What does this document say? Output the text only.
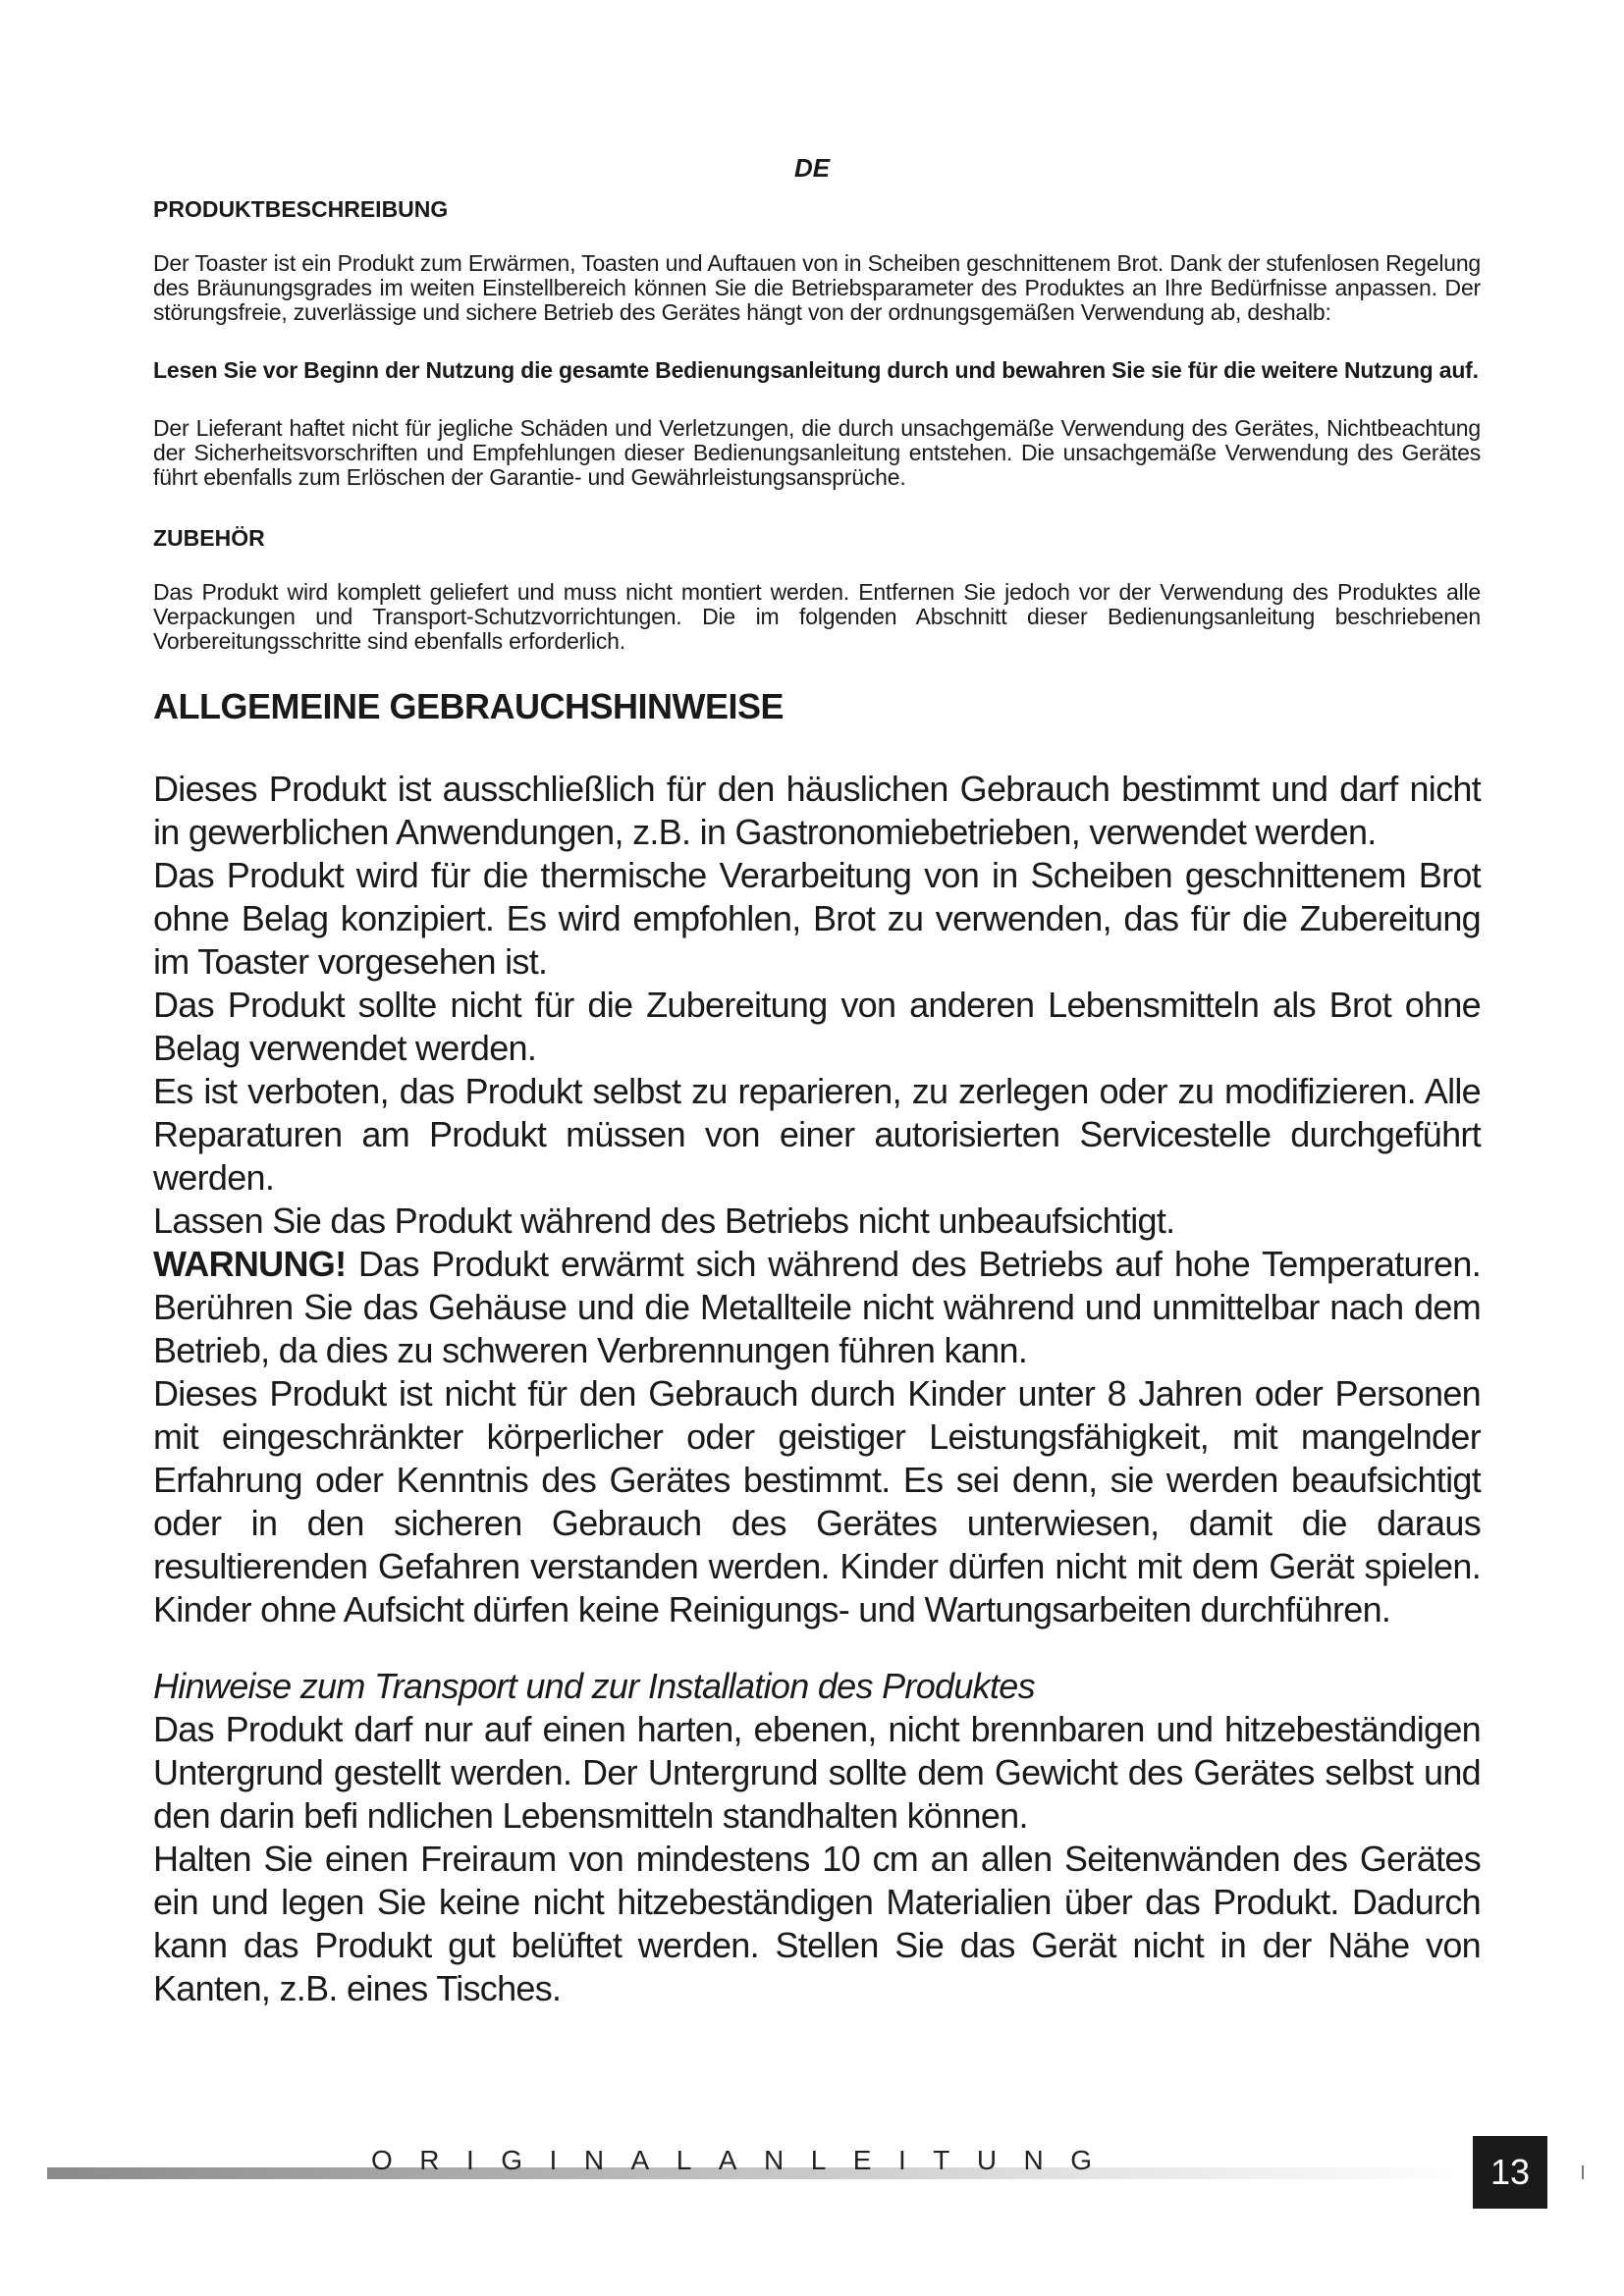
DE
PRODUKTBESCHREIBUNG

Der Toaster ist ein Produkt zum Erwärmen, Toasten und Auftauen von in Scheiben geschnittenem Brot. Dank der stufenlosen Regelung des Bräunungsgrades im weiten Einstellbereich können Sie die Betriebsparameter des Produktes an Ihre Bedürfnisse anpassen. Der störungsfreie, zuverlässige und sichere Betrieb des Gerätes hängt von der ordnungsgemäßen Verwendung ab, deshalb:

Lesen Sie vor Beginn der Nutzung die gesamte Bedienungsanleitung durch und bewahren Sie sie für die weitere Nutzung auf.

Der Lieferant haftet nicht für jegliche Schäden und Verletzungen, die durch unsachgemäße Verwendung des Gerätes, Nichtbeachtung der Sicherheitsvorschriften und Empfehlungen dieser Bedienungsanleitung entstehen. Die unsachgemäße Verwendung des Gerätes führt ebenfalls zum Erlöschen der Garantie- und Gewährleistungsansprüche.

ZUBEHÖR

Das Produkt wird komplett geliefert und muss nicht montiert werden. Entfernen Sie jedoch vor der Verwendung des Produktes alle Verpackungen und Transport-Schutzvorrichtungen. Die im folgenden Abschnitt dieser Bedienungsanleitung beschriebenen Vorbereitungsschritte sind ebenfalls erforderlich.

ALLGEMEINE GEBRAUCHSHINWEISE

Dieses Produkt ist ausschließlich für den häuslichen Gebrauch bestimmt und darf nicht in gewerblichen Anwendungen, z.B. in Gastronomiebetrieben, verwendet werden.

Das Produkt wird für die thermische Verarbeitung von in Scheiben geschnittenem Brot ohne Belag konzipiert. Es wird empfohlen, Brot zu verwenden, das für die Zubereitung im Toaster vorgesehen ist.

Das Produkt sollte nicht für die Zubereitung von anderen Lebensmitteln als Brot ohne Belag verwendet werden.

Es ist verboten, das Produkt selbst zu reparieren, zu zerlegen oder zu modifizieren. Alle Reparaturen am Produkt müssen von einer autorisierten Servicestelle durchgeführt werden.

Lassen Sie das Produkt während des Betriebs nicht unbeaufsichtigt.

WARNUNG! Das Produkt erwärmt sich während des Betriebs auf hohe Temperaturen. Berühren Sie das Gehäuse und die Metallteile nicht während und unmittelbar nach dem Betrieb, da dies zu schweren Verbrennungen führen kann.

Dieses Produkt ist nicht für den Gebrauch durch Kinder unter 8 Jahren oder Personen mit eingeschränkter körperlicher oder geistiger Leistungsfähigkeit, mit mangelnder Erfahrung oder Kenntnis des Gerätes bestimmt. Es sei denn, sie werden beaufsichtigt oder in den sicheren Gebrauch des Gerätes unterwiesen, damit die daraus resultierenden Gefahren verstanden werden. Kinder dürfen nicht mit dem Gerät spielen. Kinder ohne Aufsicht dürfen keine Reinigungs- und Wartungsarbeiten durchführen.

Hinweise zum Transport und zur Installation des Produktes

Das Produkt darf nur auf einen harten, ebenen, nicht brennbaren und hitzebeständigen Untergrund gestellt werden. Der Untergrund sollte dem Gewicht des Gerätes selbst und den darin befi ndlichen Lebensmitteln standhalten können.

Halten Sie einen Freiraum von mindestens 10 cm an allen Seitenwänden des Gerätes ein und legen Sie keine nicht hitzebeständigen Materialien über das Produkt. Dadurch kann das Produkt gut belüftet werden. Stellen Sie das Gerät nicht in der Nähe von Kanten, z.B. eines Tisches.

ORIGINALANLEITUNG	13
